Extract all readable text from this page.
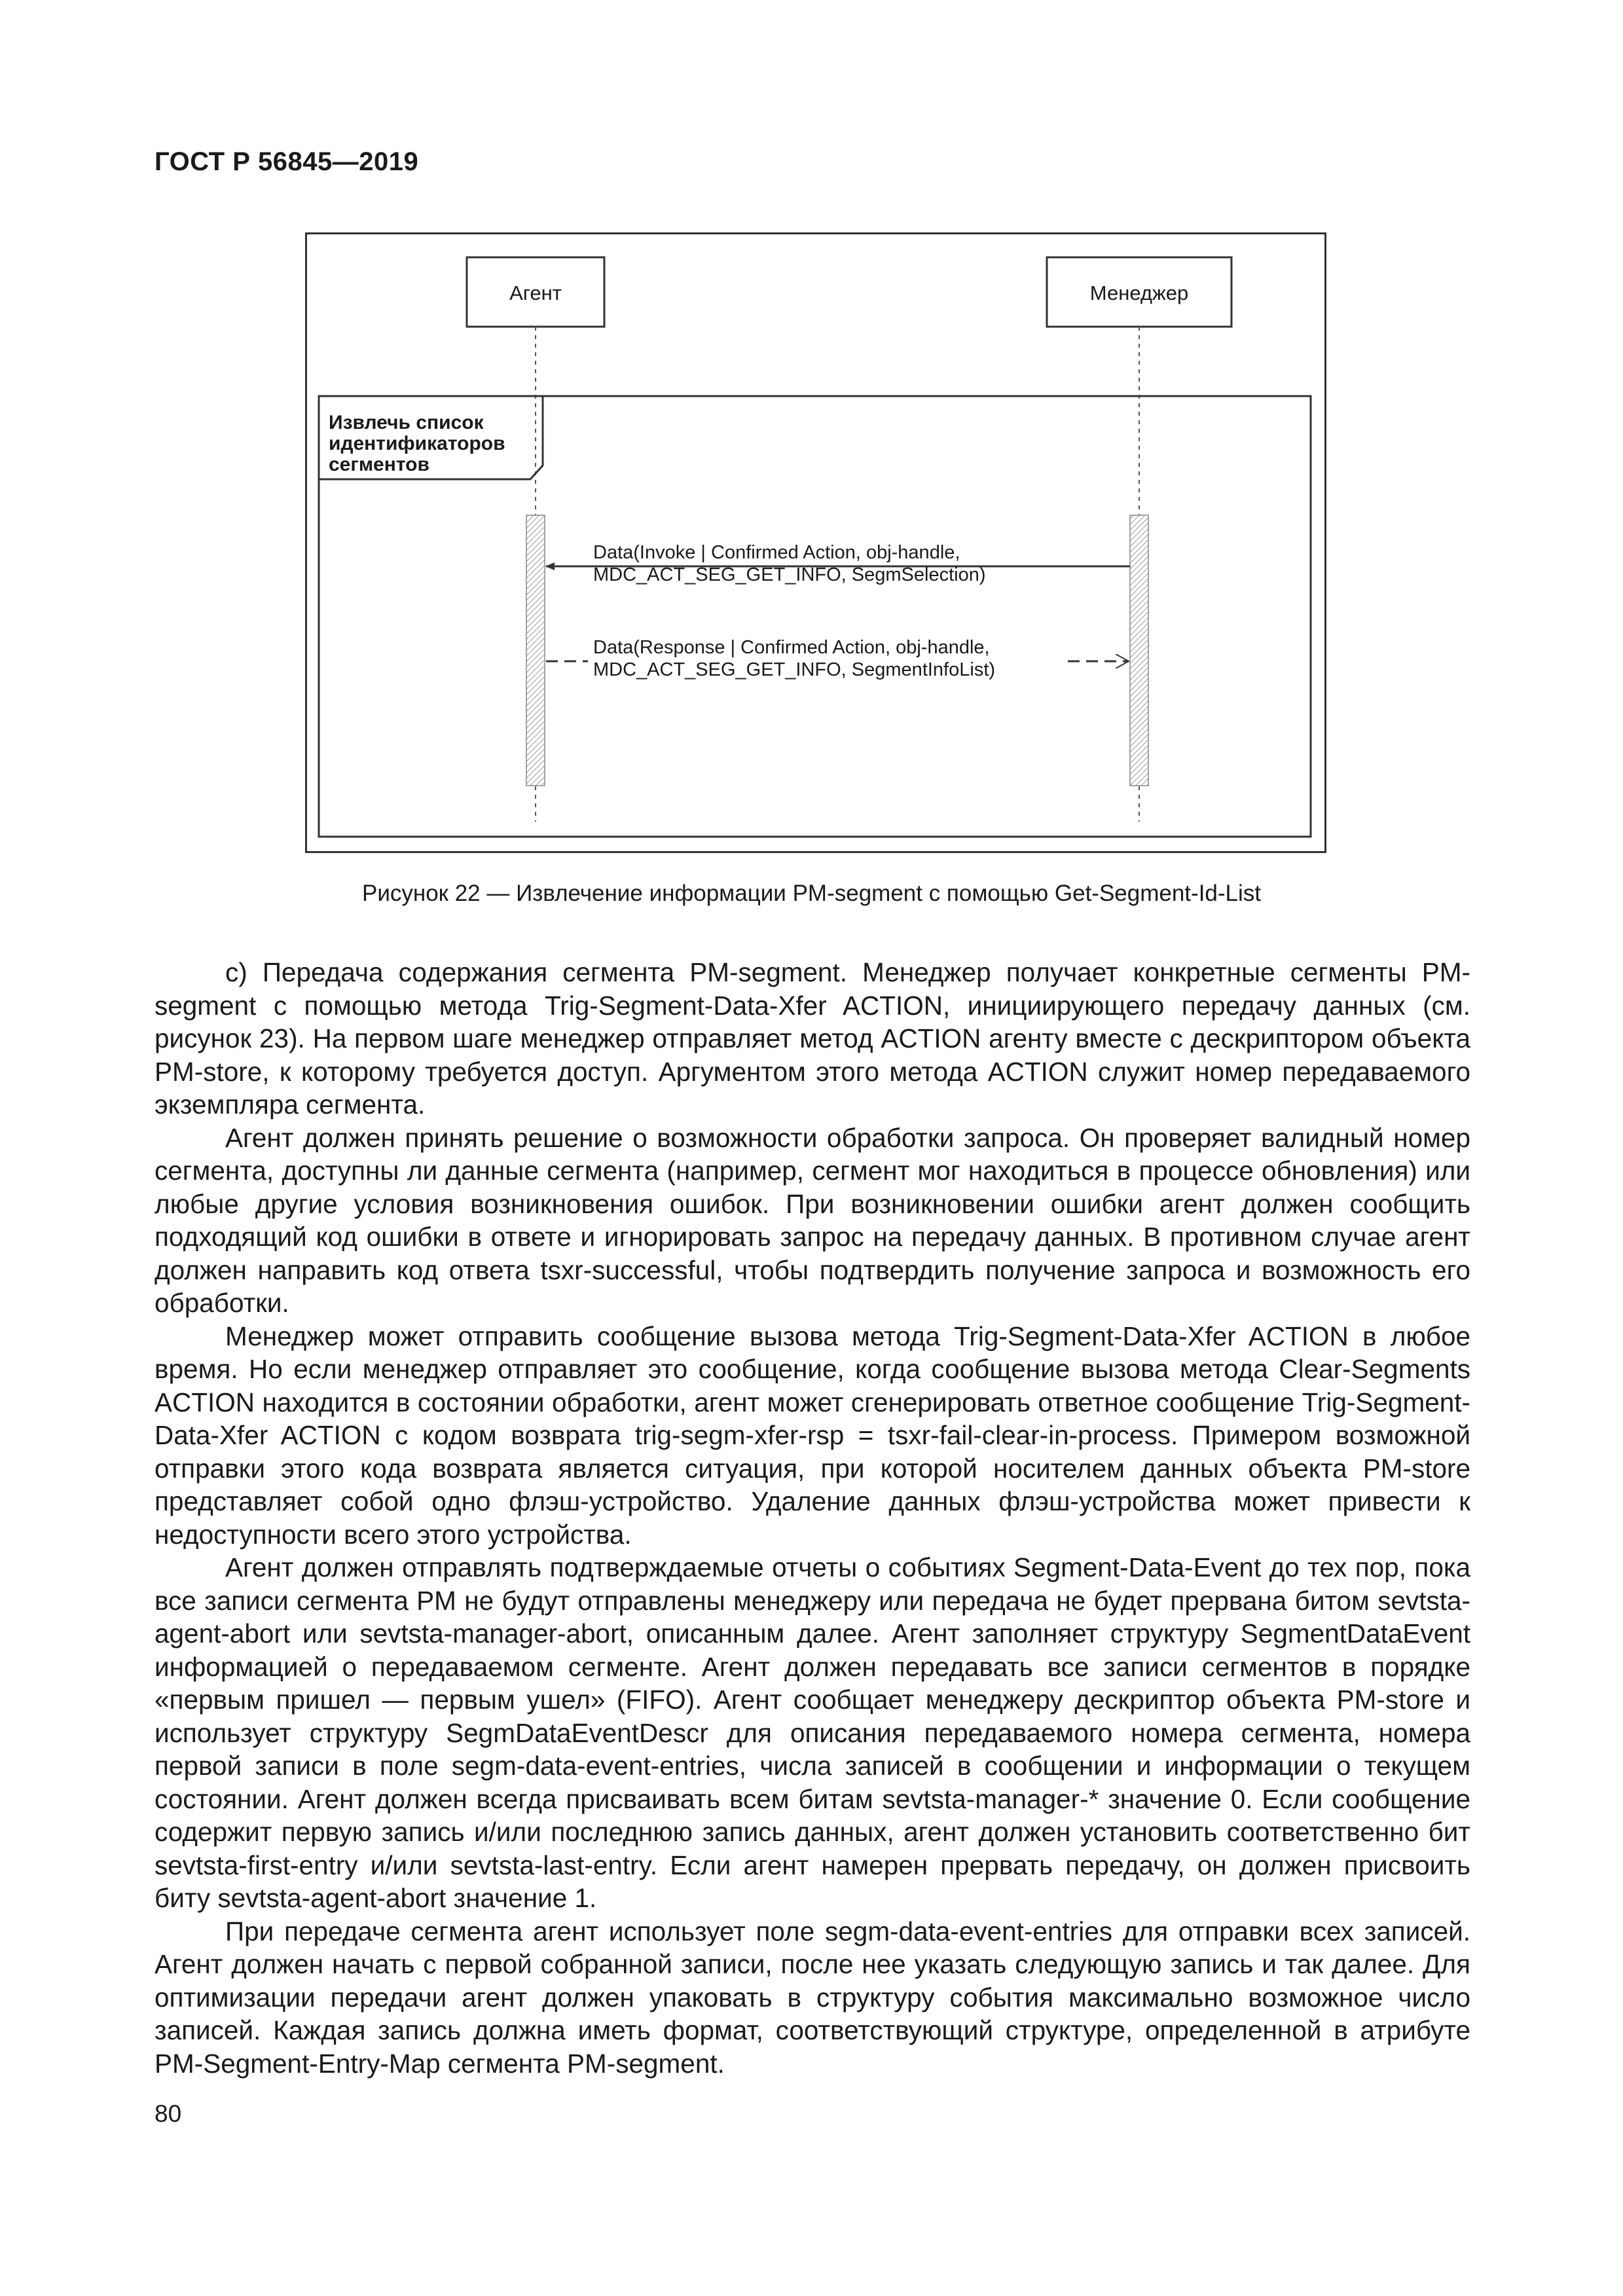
ГОСТ Р 56845—2019
Агент	Менеджер
Извлечь список идентификаторов сегментов
Data(Invoke | Confirmed Action, obj-handle, MDC_ACT_SEG_GET_INFO, SegmSelection)
Data(Response | Confirmed Action, obj-handle, MDC_ACT_SEG_GET_INFO, SegmentInfoList)
Рисунок 22 — Извлечение информации PM-segment с помощью Get-Segment-Id-List

с) Передача содержания сегмента PM-segment. Менеджер получает конкретные сегменты PM-segment с помощью метода Trig-Segment-Data-Xfer ACTION, инициирующего передачу данных (см. рисунок 23). На первом шаге менеджер отправляет метод ACTION агенту вместе с дескриптором объекта PM-store, к которому требуется доступ. Аргументом этого метода ACTION служит номер передаваемого экземпляра сегмента.

Агент должен принять решение о возможности обработки запроса. Он проверяет валидный номер сегмента, доступны ли данные сегмента (например, сегмент мог находиться в процессе обновления) или любые другие условия возникновения ошибок. При возникновении ошибки агент должен сообщить подходящий код ошибки в ответе и игнорировать запрос на передачу данных. В противном случае агент должен направить код ответа tsxr-successful, чтобы подтвердить получение запроса и возможность его обработки.

Менеджер может отправить сообщение вызова метода Trig-Segment-Data-Xfer ACTION в любое время. Но если менеджер отправляет это сообщение, когда сообщение вызова метода Clear-Segments ACTION находится в состоянии обработки, агент может сгенерировать ответное сообщение Trig-Segment-Data-Xfer ACTION с кодом возврата trig-segm-xfer-rsp = tsxr-fail-clear-in-process. Примером возможной отправки этого кода возврата является ситуация, при которой носителем данных объекта PM-store представляет собой одно флэш-устройство. Удаление данных флэш-устройства может привести к недоступности всего этого устройства.

Агент должен отправлять подтверждаемые отчеты о событиях Segment-Data-Event до тех пор, пока все записи сегмента PM не будут отправлены менеджеру или передача не будет прервана битом sevtsta-agent-abort или sevtsta-manager-abort, описанным далее. Агент заполняет структуру SegmentDataEvent информацией о передаваемом сегменте. Агент должен передавать все записи сегментов в порядке «первым пришел — первым ушел» (FIFO). Агент сообщает менеджеру дескриптор объекта PM-store и использует структуру SegmDataEventDescr для описания передаваемого номера сегмента, номера первой записи в поле segm-data-event-entries, числа записей в сообщении и информации о текущем состоянии. Агент должен всегда присваивать всем битам sevtsta-manager-* значение 0. Если сообщение содержит первую запись и/или последнюю запись данных, агент должен установить соответственно бит sevtsta-first-entry и/или sevtsta-last-entry. Если агент намерен прервать передачу, он должен присвоить биту sevtsta-agent-abort значение 1.

При передаче сегмента агент использует поле segm-data-event-entries для отправки всех записей. Агент должен начать с первой собранной записи, после нее указать следующую запись и так далее. Для оптимизации передачи агент должен упаковать в структуру события максимально возможное число записей. Каждая запись должна иметь формат, соответствующий структуре, определенной в атрибуте PM-Segment-Entry-Map сегмента PM-segment.

80
